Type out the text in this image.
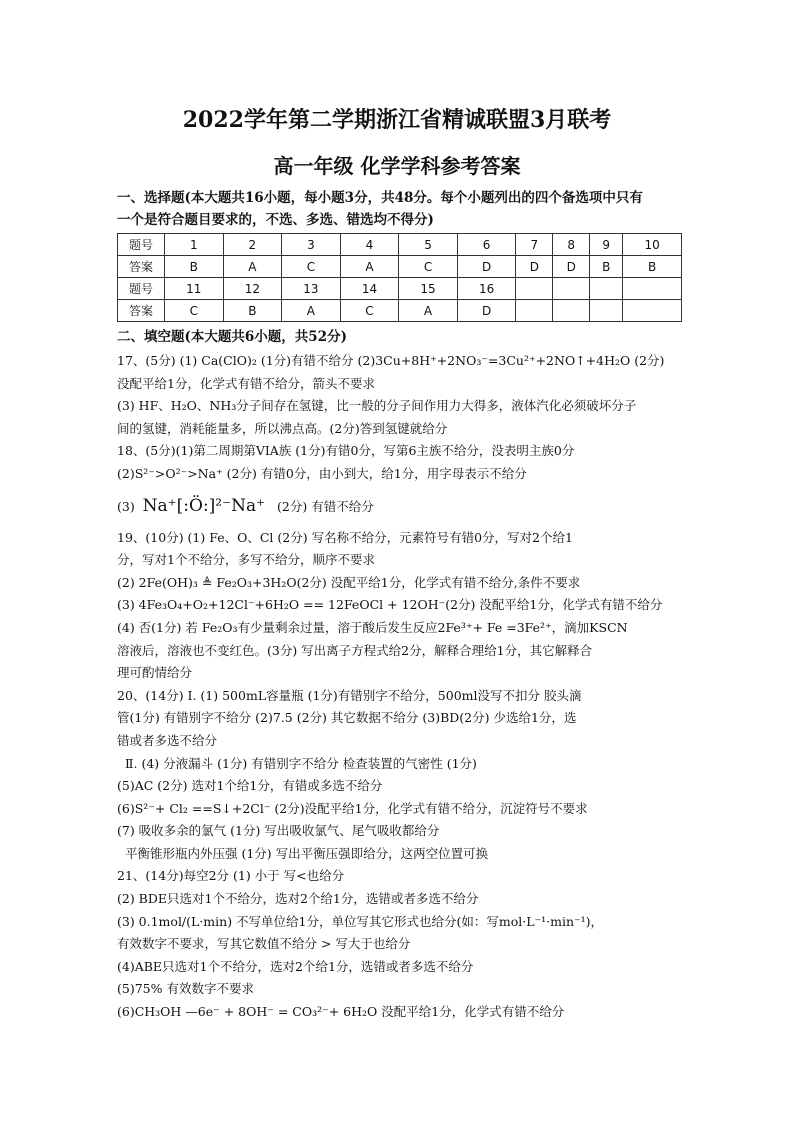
2022学年第二学期浙江省精诚联盟3月联考
高一年级 化学学科参考答案
一、选择题(本大题共16小题，每小题3分，共48分。每个小题列出的四个备选项中只有
一个是符合题目要求的，不选、多选、错选均不得分)
题号	1	2	3	4	5	6	7	8	9	10
答案	B	A	C	A	C	D	D	D	B	B
题号	11	12	13	14	15	16				
答案	C	B	A	C	A	D				
二、填空题(本大题共6小题，共52分)
17、(5分) (1) Ca(ClO)₂ (1分)有错不给分 (2)3Cu+8H⁺+2NO₃⁻=3Cu²⁺+2NO↑+4H₂O (2分)
没配平给1分，化学式有错不给分，箭头不要求
(3) HF、H₂O、NH₃分子间存在氢键，比一般的分子间作用力大得多，液体汽化必须破坏分子
间的氢键，消耗能量多，所以沸点高。(2分)答到氢键就给分
18、(5分)(1)第二周期第VIA族 (1分)有错0分，写第6主族不给分，没表明主族0分
(2)S²⁻>O²⁻>Na⁺ (2分) 有错0分，由小到大，给1分，用字母表示不给分
(3) Na⁺[:Ö:]²⁻Na⁺ (2分) 有错不给分
19、(10分) (1) Fe、O、Cl (2分) 写名称不给分，元素符号有错0分，写对2个给1
分，写对1个不给分，多写不给分，顺序不要求
(2) 2Fe(OH)₃ ≜ Fe₂O₃+3H₂O(2分) 没配平给1分，化学式有错不给分,条件不要求
(3) 4Fe₃O₄+O₂+12Cl⁻+6H₂O == 12FeOCl + 12OH⁻(2分) 没配平给1分，化学式有错不给分
(4) 否(1分) 若 Fe₂O₃有少量剩余过量，溶于酸后发生反应2Fe³⁺+ Fe =3Fe²⁺，滴加KSCN
溶液后，溶液也不变红色。(3分) 写出离子方程式给2分，解释合理给1分，其它解释合
理可酌情给分
20、(14分) Ⅰ. (1) 500mL容量瓶 (1分)有错别字不给分，500ml没写不扣分 胶头滴
管(1分) 有错别字不给分 (2)7.5 (2分) 其它数据不给分 (3)BD(2分) 少选给1分，选
错或者多选不给分
Ⅱ. (4) 分液漏斗 (1分) 有错别字不给分 检查装置的气密性 (1分)
(5)AC (2分) 选对1个给1分，有错或多选不给分
(6)S²⁻+ Cl₂ ==S↓+2Cl⁻ (2分)没配平给1分，化学式有错不给分，沉淀符号不要求
(7) 吸收多余的氯气 (1分) 写出吸收氯气、尾气吸收都给分
平衡锥形瓶内外压强 (1分) 写出平衡压强即给分，这两空位置可换
21、(14分)每空2分 (1) 小于 写<也给分
(2) BDE只选对1个不给分，选对2个给1分，选错或者多选不给分
(3) 0.1mol/(L·min) 不写单位给1分，单位写其它形式也给分(如：写mol·L⁻¹·min⁻¹)，
有效数字不要求，写其它数值不给分 > 写大于也给分
(4)ABE只选对1个不给分，选对2个给1分，选错或者多选不给分
(5)75% 有效数字不要求
(6)CH₃OH —6e⁻ + 8OH⁻ = CO₃²⁻+ 6H₂O 没配平给1分，化学式有错不给分
